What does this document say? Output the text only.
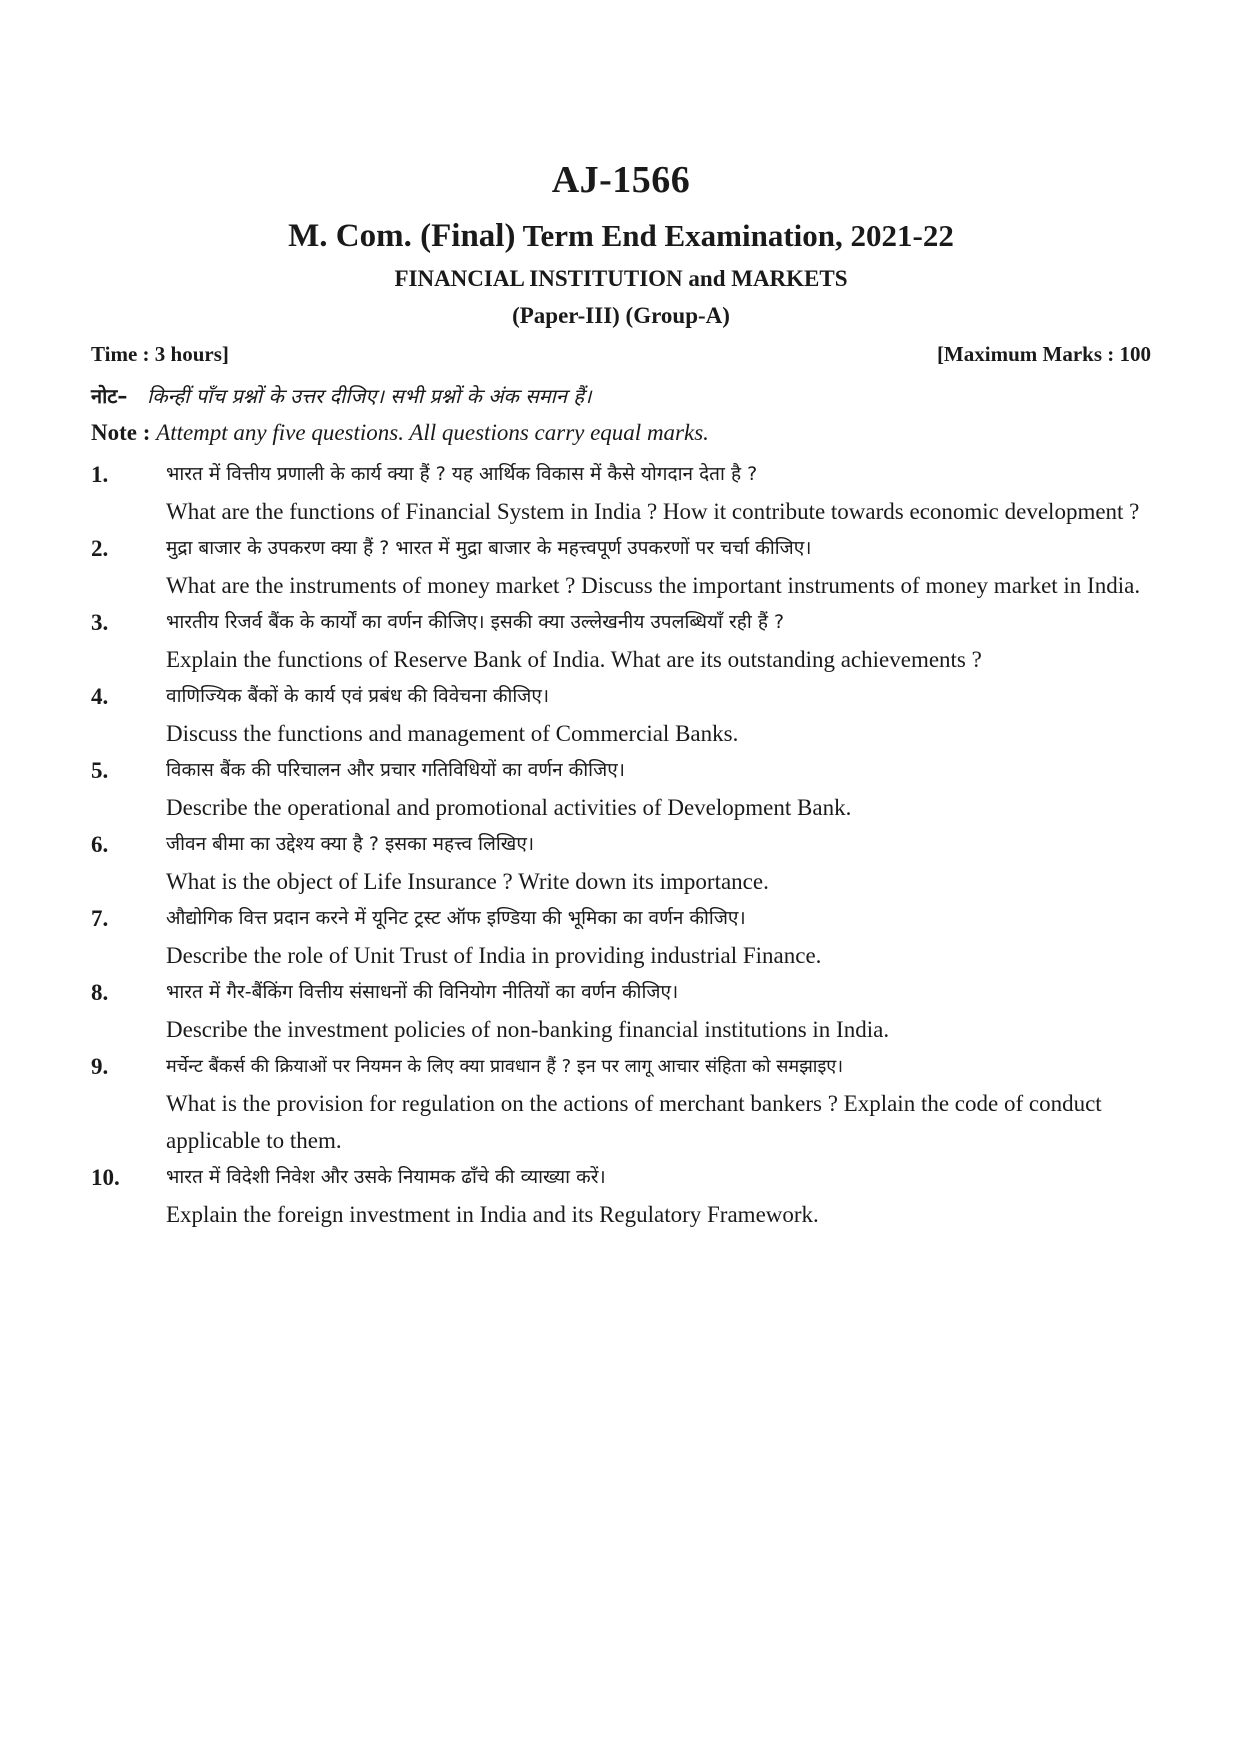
AJ-1566
M. Com. (Final) Term End Examination, 2021-22
FINANCIAL INSTITUTION and MARKETS
(Paper-III) (Group-A)
Time : 3 hours]	[Maximum Marks : 100
नोट– किन्हीं पाँच प्रश्नों के उत्तर दीजिए। सभी प्रश्नों के अंक समान हैं।
Note : Attempt any five questions. All questions carry equal marks.
1.	भारत में वित्तीय प्रणाली के कार्य क्या हैं ? यह आर्थिक विकास में कैसे योगदान देता है ?
What are the functions of Financial System in India ? How it contribute towards economic development ?
2.	मुद्रा बाजार के उपकरण क्या हैं ? भारत में मुद्रा बाजार के महत्त्वपूर्ण उपकरणों पर चर्चा कीजिए।
What are the instruments of money market ? Discuss the important instruments of money market in India.
3.	भारतीय रिजर्व बैंक के कार्यों का वर्णन कीजिए। इसकी क्या उल्लेखनीय उपलब्धियाँ रही हैं ?
Explain the functions of Reserve Bank of India. What are its outstanding achievements ?
4.	वाणिज्यिक बैंकों के कार्य एवं प्रबंध की विवेचना कीजिए।
Discuss the functions and management of Commercial Banks.
5.	विकास बैंक की परिचालन और प्रचार गतिविधियों का वर्णन कीजिए।
Describe the operational and promotional activities of Development Bank.
6.	जीवन बीमा का उद्देश्य क्या है ? इसका महत्त्व लिखिए।
What is the object of Life Insurance ? Write down its importance.
7.	औद्योगिक वित्त प्रदान करने में यूनिट ट्रस्ट ऑफ इण्डिया की भूमिका का वर्णन कीजिए।
Describe the role of Unit Trust of India in providing industrial Finance.
8.	भारत में गैर-बैंकिंग वित्तीय संसाधनों की विनियोग नीतियों का वर्णन कीजिए।
Describe the investment policies of non-banking financial institutions in India.
9.	मर्चेन्ट बैंकर्स की क्रियाओं पर नियमन के लिए क्या प्रावधान हैं ? इन पर लागू आचार संहिता को समझाइए।
What is the provision for regulation on the actions of merchant bankers ? Explain the code of conduct applicable to them.
10.	भारत में विदेशी निवेश और उसके नियामक ढाँचे की व्याख्या करें।
Explain the foreign investment in India and its Regulatory Framework.
